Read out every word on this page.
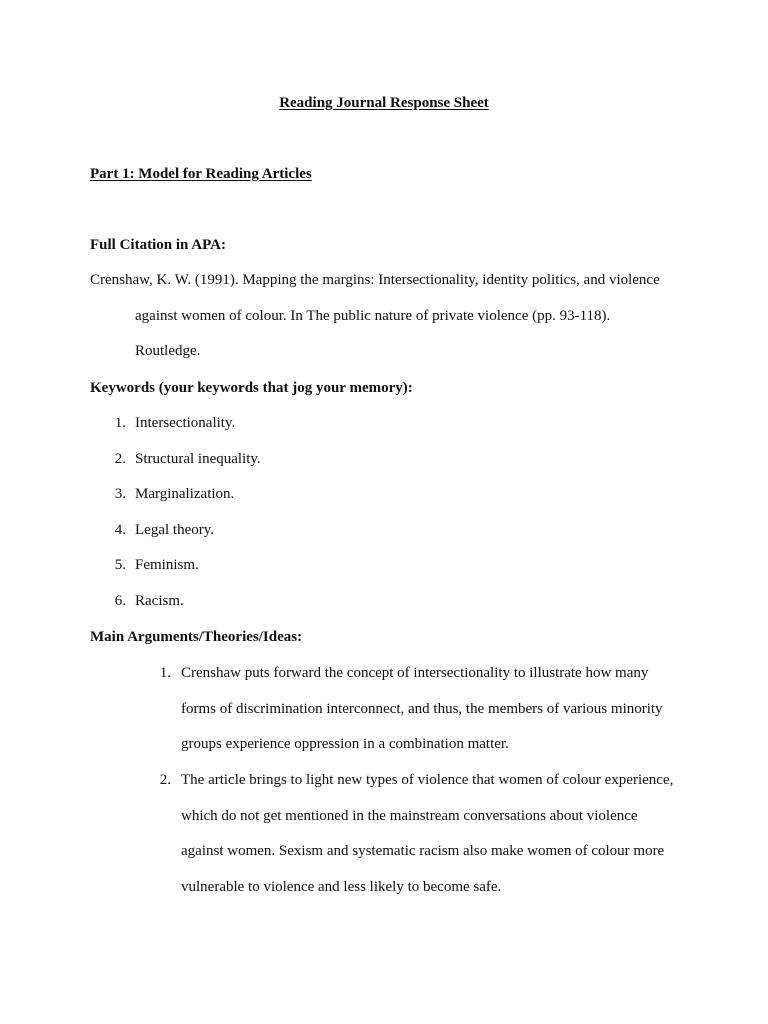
Reading Journal Response Sheet
Part 1: Model for Reading Articles
Full Citation in APA:
Crenshaw, K. W. (1991). Mapping the margins: Intersectionality, identity politics, and violence
against women of colour. In The public nature of private violence (pp. 93-118).
Routledge.
Keywords (your keywords that jog your memory):
1. Intersectionality.
2. Structural inequality.
3. Marginalization.
4. Legal theory.
5. Feminism.
6. Racism.
Main Arguments/Theories/Ideas:
1. Crenshaw puts forward the concept of intersectionality to illustrate how many
forms of discrimination interconnect, and thus, the members of various minority
groups experience oppression in a combination matter.
2. The article brings to light new types of violence that women of colour experience,
which do not get mentioned in the mainstream conversations about violence
against women. Sexism and systematic racism also make women of colour more
vulnerable to violence and less likely to become safe.
